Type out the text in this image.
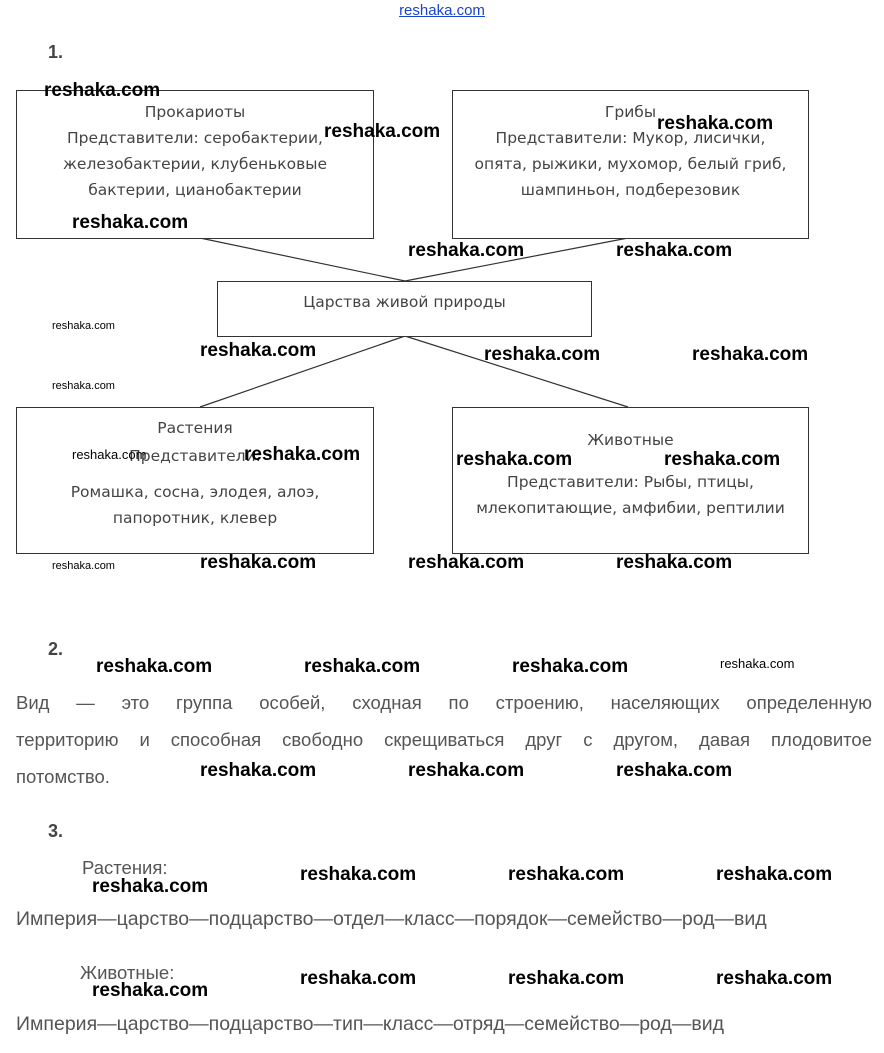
reshaka.com
1.
Прокариоты
Представители: серобактерии,
железобактерии, клубеньковые
бактерии, цианобактерии
Грибы
Представители: Мукор, лисички,
опята, рыжики, мухомор, белый гриб,
шампиньон, подберезовик
Царства живой природы
Растения
Представители:
Ромашка, сосна, элодея, алоэ,
папоротник, клевер
Животные
Представители: Рыбы, птицы,
млекопитающие, амфибии, рептилии
2.
Вид — это группа особей, сходная по строению, населяющих определенную
территорию и способная свободно скрещиваться друг с другом, давая плодовитое
потомство.
3.
Растения:
Империя—царство—подцарство—отдел—класс—порядок—семейство—род—вид
Животные:
Империя—царство—подцарство—тип—класс—отряд—семейство—род—вид
reshaka.com
reshaka.com	reshaka.com
reshaka.com
reshaka.com	reshaka.com
reshaka.com
reshaka.com	reshaka.com	reshaka.com
reshaka.com
reshaka.com	reshaka.com	reshaka.com	reshaka.com
reshaka.com	reshaka.com	reshaka.com
reshaka.com
reshaka.com	reshaka.com	reshaka.com	reshaka.com
reshaka.com	reshaka.com	reshaka.com
reshaka.com
reshaka.com	reshaka.com	reshaka.com
reshaka.com
reshaka.com	reshaka.com	reshaka.com
